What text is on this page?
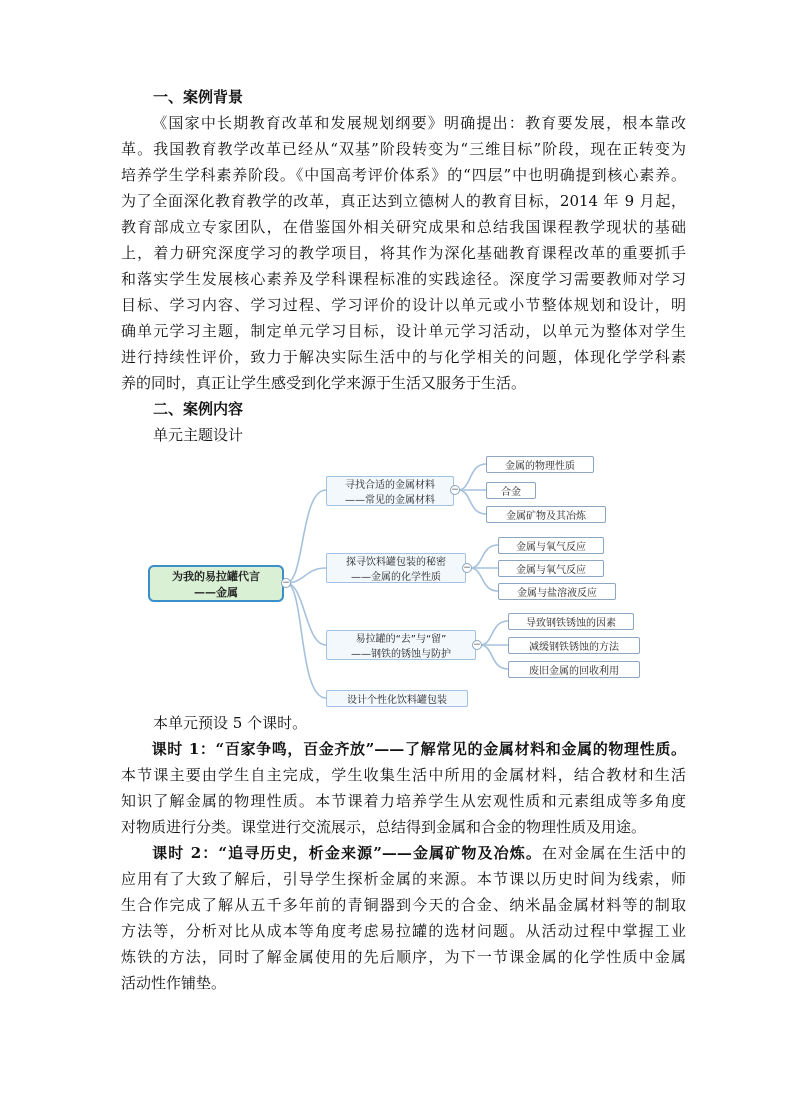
一、案例背景
《国家中长期教育改革和发展规划纲要》明确提出：教育要发展，根本靠改
革。我国教育教学改革已经从“双基”阶段转变为“三维目标”阶段，现在正转变为
培养学生学科素养阶段。《中国高考评价体系》的“四层”中也明确提到核心素养。
为了全面深化教育教学的改革，真正达到立德树人的教育目标，2014 年 9 月起，
教育部成立专家团队，在借鉴国外相关研究成果和总结我国课程教学现状的基础
上，着力研究深度学习的教学项目，将其作为深化基础教育课程改革的重要抓手
和落实学生发展核心素养及学科课程标准的实践途径。深度学习需要教师对学习
目标、学习内容、学习过程、学习评价的设计以单元或小节整体规划和设计，明
确单元学习主题，制定单元学习目标，设计单元学习活动，以单元为整体对学生
进行持续性评价，致力于解决实际生活中的与化学相关的问题，体现化学学科素
养的同时，真正让学生感受到化学来源于生活又服务于生活。
二、案例内容
单元主题设计
为我的易拉罐代言
——金属
−
寻找合适的金属材料
——常见的金属材料
−
金属的物理性质
合金
金属矿物及其冶炼
探寻饮料罐包装的秘密
——金属的化学性质
−
金属与氧气反应
金属与氧气反应
金属与盐溶液反应
易拉罐的“去”与“留”
——钢铁的锈蚀与防护
−
导致钢铁锈蚀的因素
减缓钢铁锈蚀的方法
废旧金属的回收利用
设计个性化饮料罐包装
本单元预设 5 个课时。
课时 1：“百家争鸣，百金齐放”——了解常见的金属材料和金属的物理性质。
本节课主要由学生自主完成，学生收集生活中所用的金属材料，结合教材和生活
知识了解金属的物理性质。本节课着力培养学生从宏观性质和元素组成等多角度
对物质进行分类。课堂进行交流展示，总结得到金属和合金的物理性质及用途。
课时 2：“追寻历史，析金来源”——金属矿物及冶炼。在对金属在生活中的
应用有了大致了解后，引导学生探析金属的来源。本节课以历史时间为线索，师
生合作完成了解从五千多年前的青铜器到今天的合金、纳米晶金属材料等的制取
方法等，分析对比从成本等角度考虑易拉罐的选材问题。从活动过程中掌握工业
炼铁的方法，同时了解金属使用的先后顺序，为下一节课金属的化学性质中金属
活动性作铺垫。
